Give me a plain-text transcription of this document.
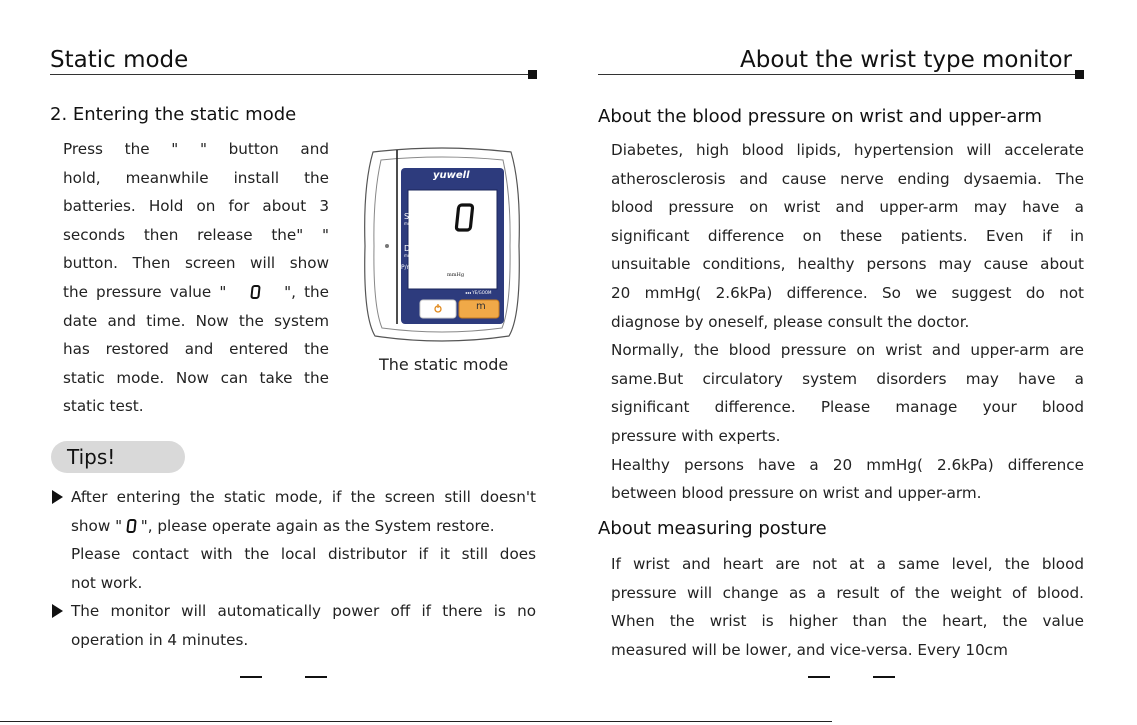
Static mode
2. Entering the static mode
Press the " " button and
hold, meanwhile install the
batteries. Hold on for about 3
seconds then release the" "
button. Then screen will show
the pressure value "	", the
date and time. Now the system
has restored and entered the
static mode. Now can take the
static test.
yuwell
SYS
mmHg
DIA
mmHg
P/min
mmHg
◂◂◂ YE/GOOM
m
The static mode
Tips!
After entering the static mode, if the screen still doesn't
show " ", please operate again as the System restore.
Please contact with the local distributor if it still does
not work.
The monitor will automatically power off if there is no
operation in 4 minutes.
About the wrist type monitor
About the blood pressure on wrist and upper-arm
Diabetes, high blood lipids, hypertension will accelerate
atherosclerosis and cause nerve ending dysaemia. The
blood pressure on wrist and upper-arm may have a
significant difference on these patients. Even if in
unsuitable conditions, healthy persons may cause about
20 mmHg( 2.6kPa) difference. So we suggest do not
diagnose by oneself, please consult the doctor.
Normally, the blood pressure on wrist and upper-arm are
same.But circulatory system disorders may have a
significant difference. Please manage your blood
pressure with experts.
Healthy persons have a 20 mmHg( 2.6kPa) difference
between blood pressure on wrist and upper-arm.
About measuring posture
If wrist and heart are not at a same level, the blood
pressure will change as a result of the weight of blood.
When the wrist is higher than the heart, the value
measured will be lower, and vice-versa. Every 10cm
